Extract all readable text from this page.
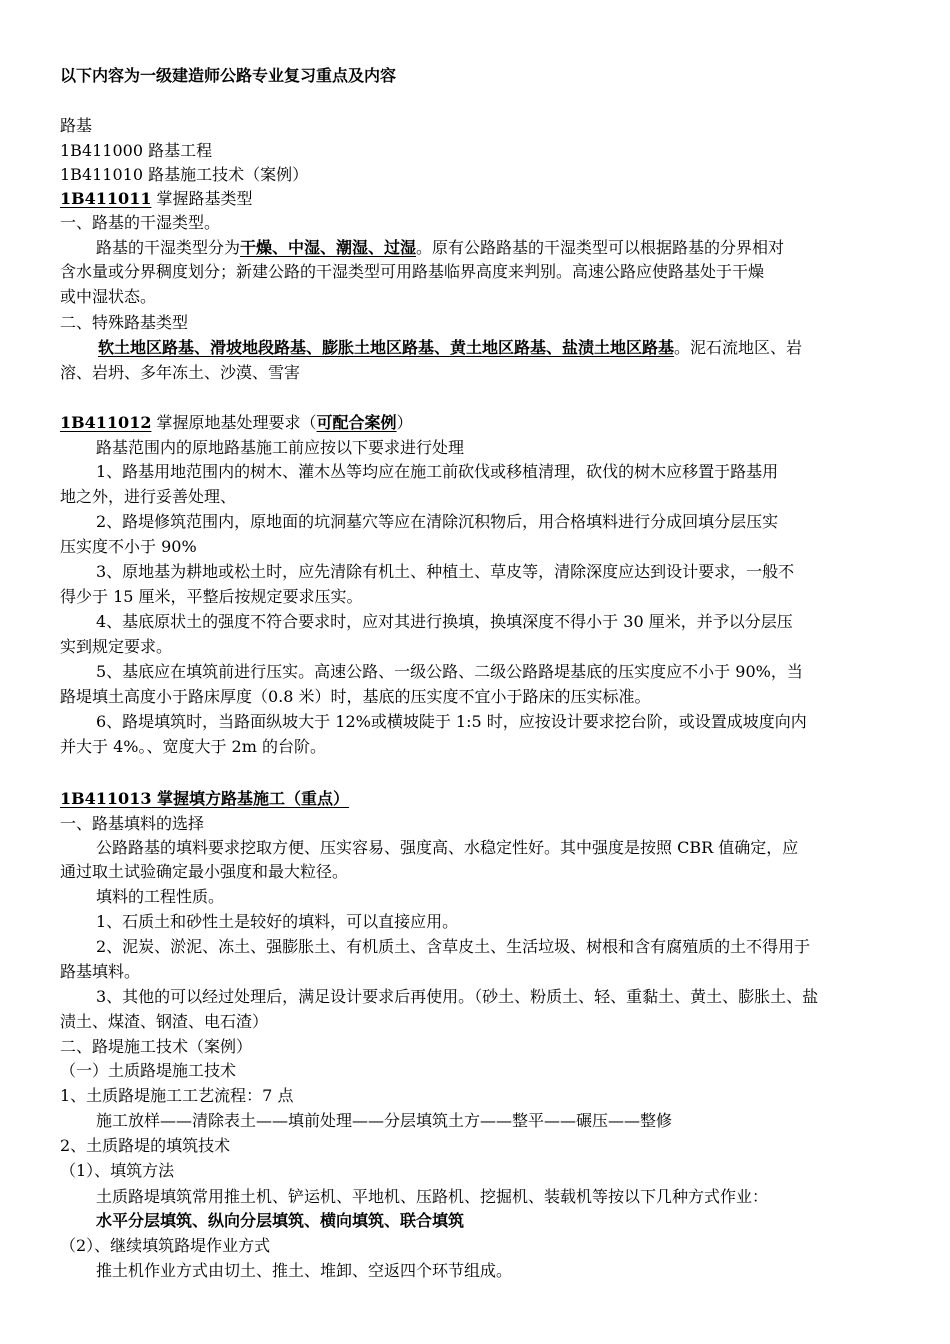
以下内容为一级建造师公路专业复习重点及内容
路基
1B411000 路基工程
1B411010 路基施工技术（案例）
1B411011 掌握路基类型
一、路基的干湿类型。
路基的干湿类型分为干燥、中湿、潮湿、过湿。原有公路路基的干湿类型可以根据路基的分界相对
含水量或分界稠度划分；新建公路的干湿类型可用路基临界高度来判别。高速公路应使路基处于干燥
或中湿状态。
二、特殊路基类型
软土地区路基、滑坡地段路基、膨胀土地区路基、黄土地区路基、盐渍土地区路基。泥石流地区、岩
溶、岩坍、多年冻土、沙漠、雪害
1B411012 掌握原地基处理要求（可配合案例）
路基范围内的原地路基施工前应按以下要求进行处理
1、路基用地范围内的树木、灌木丛等均应在施工前砍伐或移植清理，砍伐的树木应移置于路基用
地之外，进行妥善处理、
2、路堤修筑范围内，原地面的坑洞墓穴等应在清除沉积物后，用合格填料进行分成回填分层压实
压实度不小于 90%
3、原地基为耕地或松土时，应先清除有机土、种植土、草皮等，清除深度应达到设计要求，一般不
得少于 15 厘米，平整后按规定要求压实。
4、基底原状土的强度不符合要求时，应对其进行换填，换填深度不得小于 30 厘米，并予以分层压
实到规定要求。
5、基底应在填筑前进行压实。高速公路、一级公路、二级公路路堤基底的压实度应不小于 90%，当
路堤填土高度小于路床厚度（0.8 米）时，基底的压实度不宜小于路床的压实标准。
6、路堤填筑时，当路面纵坡大于 12%或横坡陡于 1:5 时，应按设计要求挖台阶，或设置成坡度向内
并大于 4%。、宽度大于 2m 的台阶。
1B411013 掌握填方路基施工（重点）
一、路基填料的选择
公路路基的填料要求挖取方便、压实容易、强度高、水稳定性好。其中强度是按照 CBR 值确定，应
通过取土试验确定最小强度和最大粒径。
填料的工程性质。
1、石质土和砂性土是较好的填料，可以直接应用。
2、泥炭、淤泥、冻土、强膨胀土、有机质土、含草皮土、生活垃圾、树根和含有腐殖质的土不得用于
路基填料。
3、其他的可以经过处理后，满足设计要求后再使用。（砂土、粉质土、轻、重黏土、黄土、膨胀土、盐
渍土、煤渣、钢渣、电石渣）
二、路堤施工技术（案例）
（一）土质路堤施工技术
1、土质路堤施工工艺流程：7 点
施工放样——清除表土——填前处理——分层填筑土方——整平——碾压——整修
2、土质路堤的填筑技术
（1）、填筑方法
土质路堤填筑常用推土机、铲运机、平地机、压路机、挖掘机、装载机等按以下几种方式作业：
水平分层填筑、纵向分层填筑、横向填筑、联合填筑
（2）、继续填筑路堤作业方式
推土机作业方式由切土、推土、堆卸、空返四个环节组成。
